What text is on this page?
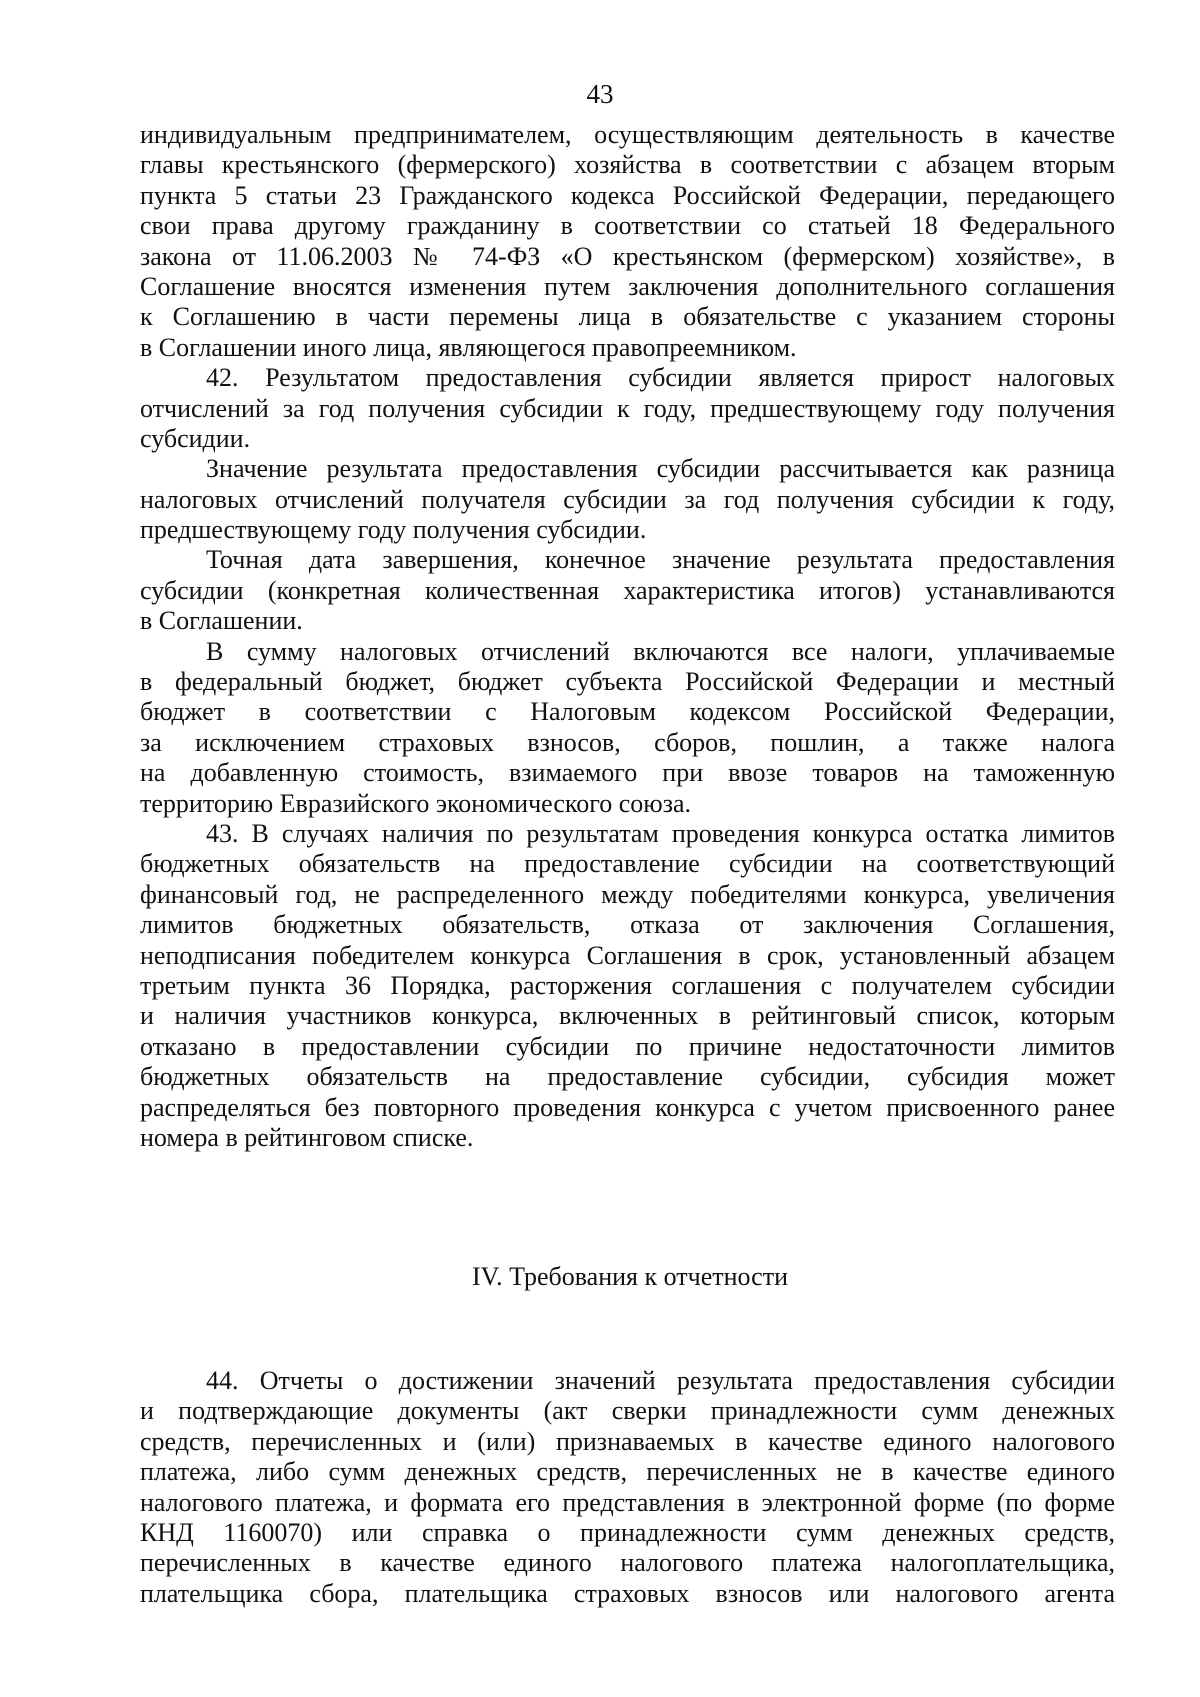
43
индивидуальным предпринимателем, осуществляющим деятельность в качестве
главы крестьянского (фермерского) хозяйства в соответствии с абзацем вторым
пункта 5 статьи 23 Гражданского кодекса Российской Федерации, передающего
свои права другому гражданину в соответствии со статьей 18 Федерального
закона от 11.06.2003 № 74-ФЗ «О крестьянском (фермерском) хозяйстве», в
Соглашение вносятся изменения путем заключения дополнительного соглашения
к Соглашению в части перемены лица в обязательстве с указанием стороны
в Соглашении иного лица, являющегося правопреемником.
42. Результатом предоставления субсидии является прирост налоговых
отчислений за год получения субсидии к году, предшествующему году получения
субсидии.
Значение результата предоставления субсидии рассчитывается как разница
налоговых отчислений получателя субсидии за год получения субсидии к году,
предшествующему году получения субсидии.
Точная дата завершения, конечное значение результата предоставления
субсидии (конкретная количественная характеристика итогов) устанавливаются
в Соглашении.
В сумму налоговых отчислений включаются все налоги, уплачиваемые
в федеральный бюджет, бюджет субъекта Российской Федерации и местный
бюджет в соответствии с Налоговым кодексом Российской Федерации,
за исключением страховых взносов, сборов, пошлин, а также налога
на добавленную стоимость, взимаемого при ввозе товаров на таможенную
территорию Евразийского экономического союза.
43. В случаях наличия по результатам проведения конкурса остатка лимитов
бюджетных обязательств на предоставление субсидии на соответствующий
финансовый год, не распределенного между победителями конкурса, увеличения
лимитов бюджетных обязательств, отказа от заключения Соглашения,
неподписания победителем конкурса Соглашения в срок, установленный абзацем
третьим пункта 36 Порядка, расторжения соглашения с получателем субсидии
и наличия участников конкурса, включенных в рейтинговый список, которым
отказано в предоставлении субсидии по причине недостаточности лимитов
бюджетных обязательств на предоставление субсидии, субсидия может
распределяться без повторного проведения конкурса с учетом присвоенного ранее
номера в рейтинговом списке.
IV. Требования к отчетности
44. Отчеты о достижении значений результата предоставления субсидии
и подтверждающие документы (акт сверки принадлежности сумм денежных
средств, перечисленных и (или) признаваемых в качестве единого налогового
платежа, либо сумм денежных средств, перечисленных не в качестве единого
налогового платежа, и формата его представления в электронной форме (по форме
КНД 1160070) или справка о принадлежности сумм денежных средств,
перечисленных в качестве единого налогового платежа налогоплательщика,
плательщика сбора, плательщика страховых взносов или налогового агента
